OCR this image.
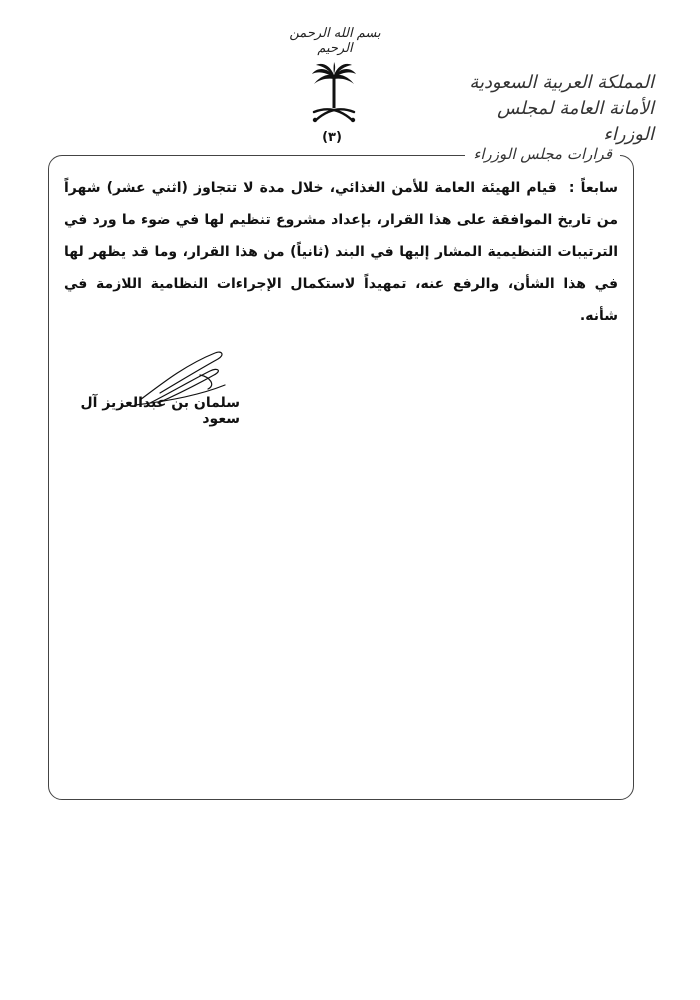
بسم الله الرحمن الرحيم
(٣)
المملكة العربية السعودية
الأمانة العامة لمجلس الوزراء
قرارات مجلس الوزراء
سابعاً : قيام الهيئة العامة للأمن الغذائي، خلال مدة لا تتجاوز (اثني عشر) شهراً من تاريخ الموافقة على هذا القرار، بإعداد مشروع تنظيم لها في ضوء ما ورد في الترتيبات التنظيمية المشار إليها في البند (ثانياً) من هذا القرار، وما قد يظهر لها في هذا الشأن، والرفع عنه، تمهيداً لاستكمال الإجراءات النظامية اللازمة في شأنه.
سلمان بن عبدالعزيز آل سعود
